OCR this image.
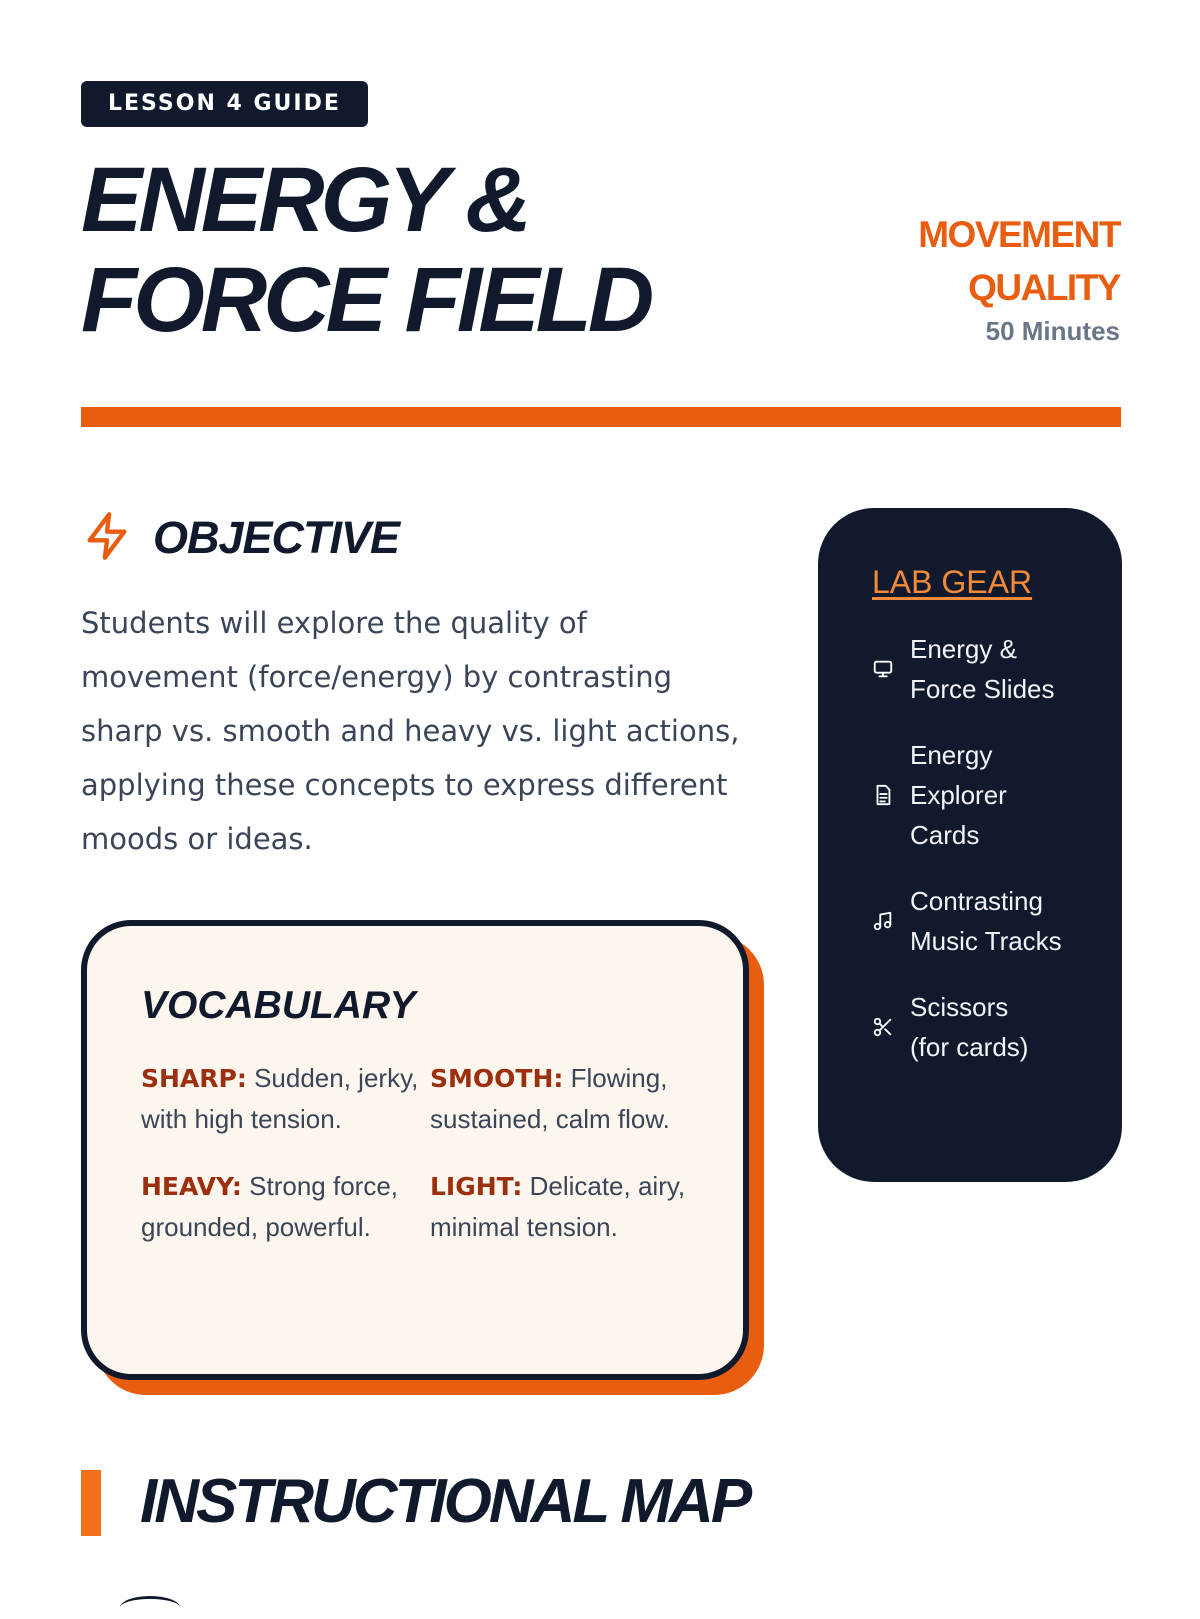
LESSON 4 GUIDE
ENERGY &
FORCE FIELD
MOVEMENT
QUALITY
50 Minutes
OBJECTIVE

Students will explore the quality of movement (force/energy) by contrasting sharp vs. smooth and heavy vs. light actions, applying these concepts to express different moods or ideas.

VOCABULARY
SHARP: Sudden, jerky, with high tension.
SMOOTH: Flowing, sustained, calm flow.
HEAVY: Strong force, grounded, powerful.
LIGHT: Delicate, airy, minimal tension.
LAB GEAR
Energy & Force Slides
Energy Explorer Cards
Contrasting Music Tracks
Scissors (for cards)
INSTRUCTIONAL MAP
